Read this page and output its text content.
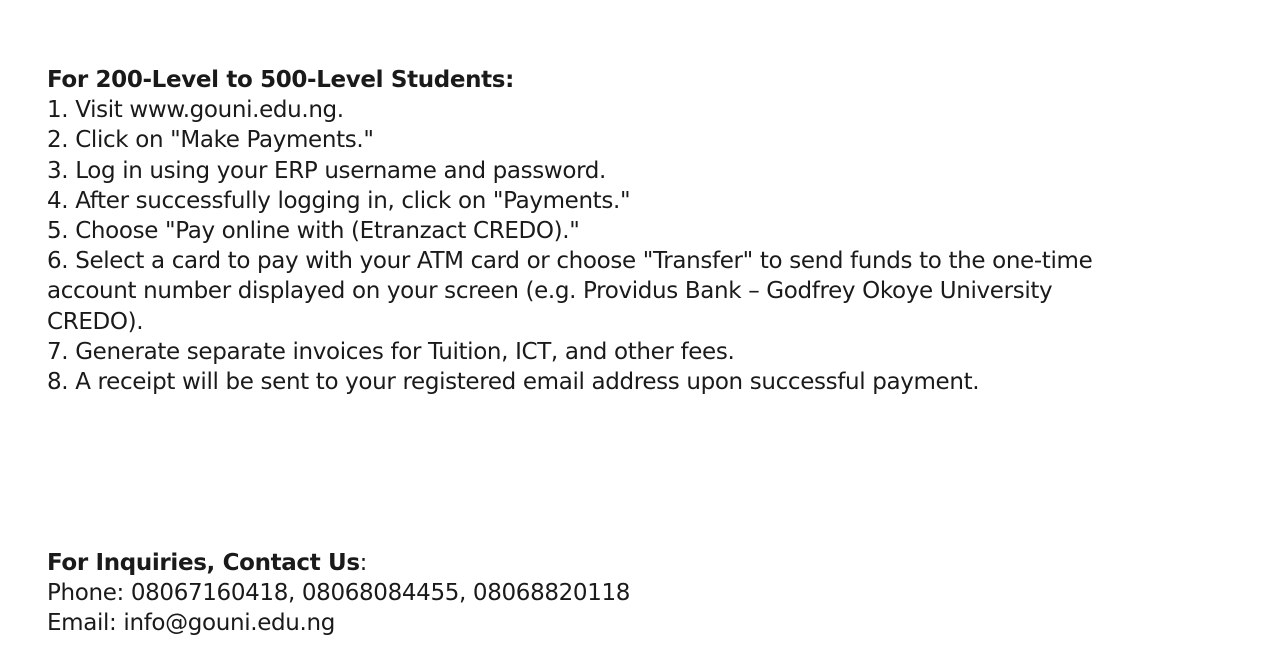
For 200-Level to 500-Level Students:
1. Visit www.gouni.edu.ng.
2. Click on "Make Payments."
3. Log in using your ERP username and password.
4. After successfully logging in, click on "Payments."
5. Choose "Pay online with (Etranzact CREDO)."
6. Select a card to pay with your ATM card or choose "Transfer" to send funds to the one-time account number displayed on your screen (e.g. Providus Bank – Godfrey Okoye University CREDO).
7. Generate separate invoices for Tuition, ICT, and other fees.
8. A receipt will be sent to your registered email address upon successful payment.
For Inquiries, Contact Us:
Phone: 08067160418, 08068084455, 08068820118
Email: info@gouni.edu.ng
